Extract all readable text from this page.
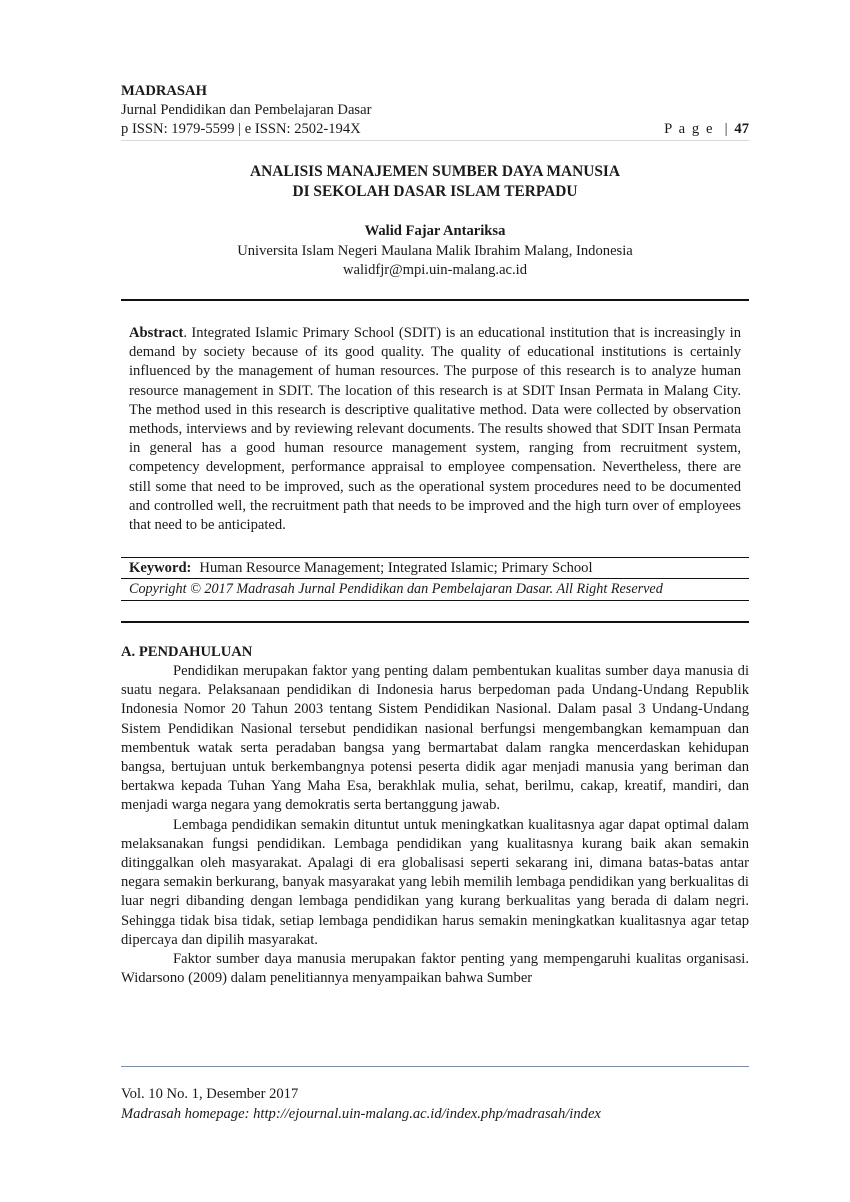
MADRASAH
Jurnal Pendidikan dan Pembelajaran Dasar
p ISSN: 1979-5599 | e ISSN: 2502-194X	P a g e | 47
ANALISIS MANAJEMEN SUMBER DAYA MANUSIA
DI SEKOLAH DASAR ISLAM TERPADU
Walid Fajar Antariksa
Universita Islam Negeri Maulana Malik Ibrahim Malang, Indonesia
walidfjr@mpi.uin-malang.ac.id
Abstract. Integrated Islamic Primary School (SDIT) is an educational institution that is increasingly in demand by society because of its good quality. The quality of educational institutions is certainly influenced by the management of human resources. The purpose of this research is to analyze human resource management in SDIT. The location of this research is at SDIT Insan Permata in Malang City. The method used in this research is descriptive qualitative method. Data were collected by observation methods, interviews and by reviewing relevant documents. The results showed that SDIT Insan Permata in general has a good human resource management system, ranging from recruitment system, competency development, performance appraisal to employee compensation. Nevertheless, there are still some that need to be improved, such as the operational system procedures need to be documented and controlled well, the recruitment path that needs to be improved and the high turn over of employees that need to be anticipated.
Keyword: Human Resource Management; Integrated Islamic; Primary School
Copyright © 2017 Madrasah Jurnal Pendidikan dan Pembelajaran Dasar. All Right Reserved
A. PENDAHULUAN

Pendidikan merupakan faktor yang penting dalam pembentukan kualitas sumber daya manusia di suatu negara. Pelaksanaan pendidikan di Indonesia harus berpedoman pada Undang-Undang Republik Indonesia Nomor 20 Tahun 2003 tentang Sistem Pendidikan Nasional. Dalam pasal 3 Undang-Undang Sistem Pendidikan Nasional tersebut pendidikan nasional berfungsi mengembangkan kemampuan dan membentuk watak serta peradaban bangsa yang bermartabat dalam rangka mencerdaskan kehidupan bangsa, bertujuan untuk berkembangnya potensi peserta didik agar menjadi manusia yang beriman dan bertakwa kepada Tuhan Yang Maha Esa, berakhlak mulia, sehat, berilmu, cakap, kreatif, mandiri, dan menjadi warga negara yang demokratis serta bertanggung jawab.

Lembaga pendidikan semakin dituntut untuk meningkatkan kualitasnya agar dapat optimal dalam melaksanakan fungsi pendidikan. Lembaga pendidikan yang kualitasnya kurang baik akan semakin ditinggalkan oleh masyarakat. Apalagi di era globalisasi seperti sekarang ini, dimana batas-batas antar negara semakin berkurang, banyak masyarakat yang lebih memilih lembaga pendidikan yang berkualitas di luar negri dibanding dengan lembaga pendidikan yang kurang berkualitas yang berada di dalam negri. Sehingga tidak bisa tidak, setiap lembaga pendidikan harus semakin meningkatkan kualitasnya agar tetap dipercaya dan dipilih masyarakat.

Faktor sumber daya manusia merupakan faktor penting yang mempengaruhi kualitas organisasi. Widarsono (2009) dalam penelitiannya menyampaikan bahwa Sumber

Vol. 10 No. 1, Desember 2017
Madrasah homepage: http://ejournal.uin-malang.ac.id/index.php/madrasah/index
